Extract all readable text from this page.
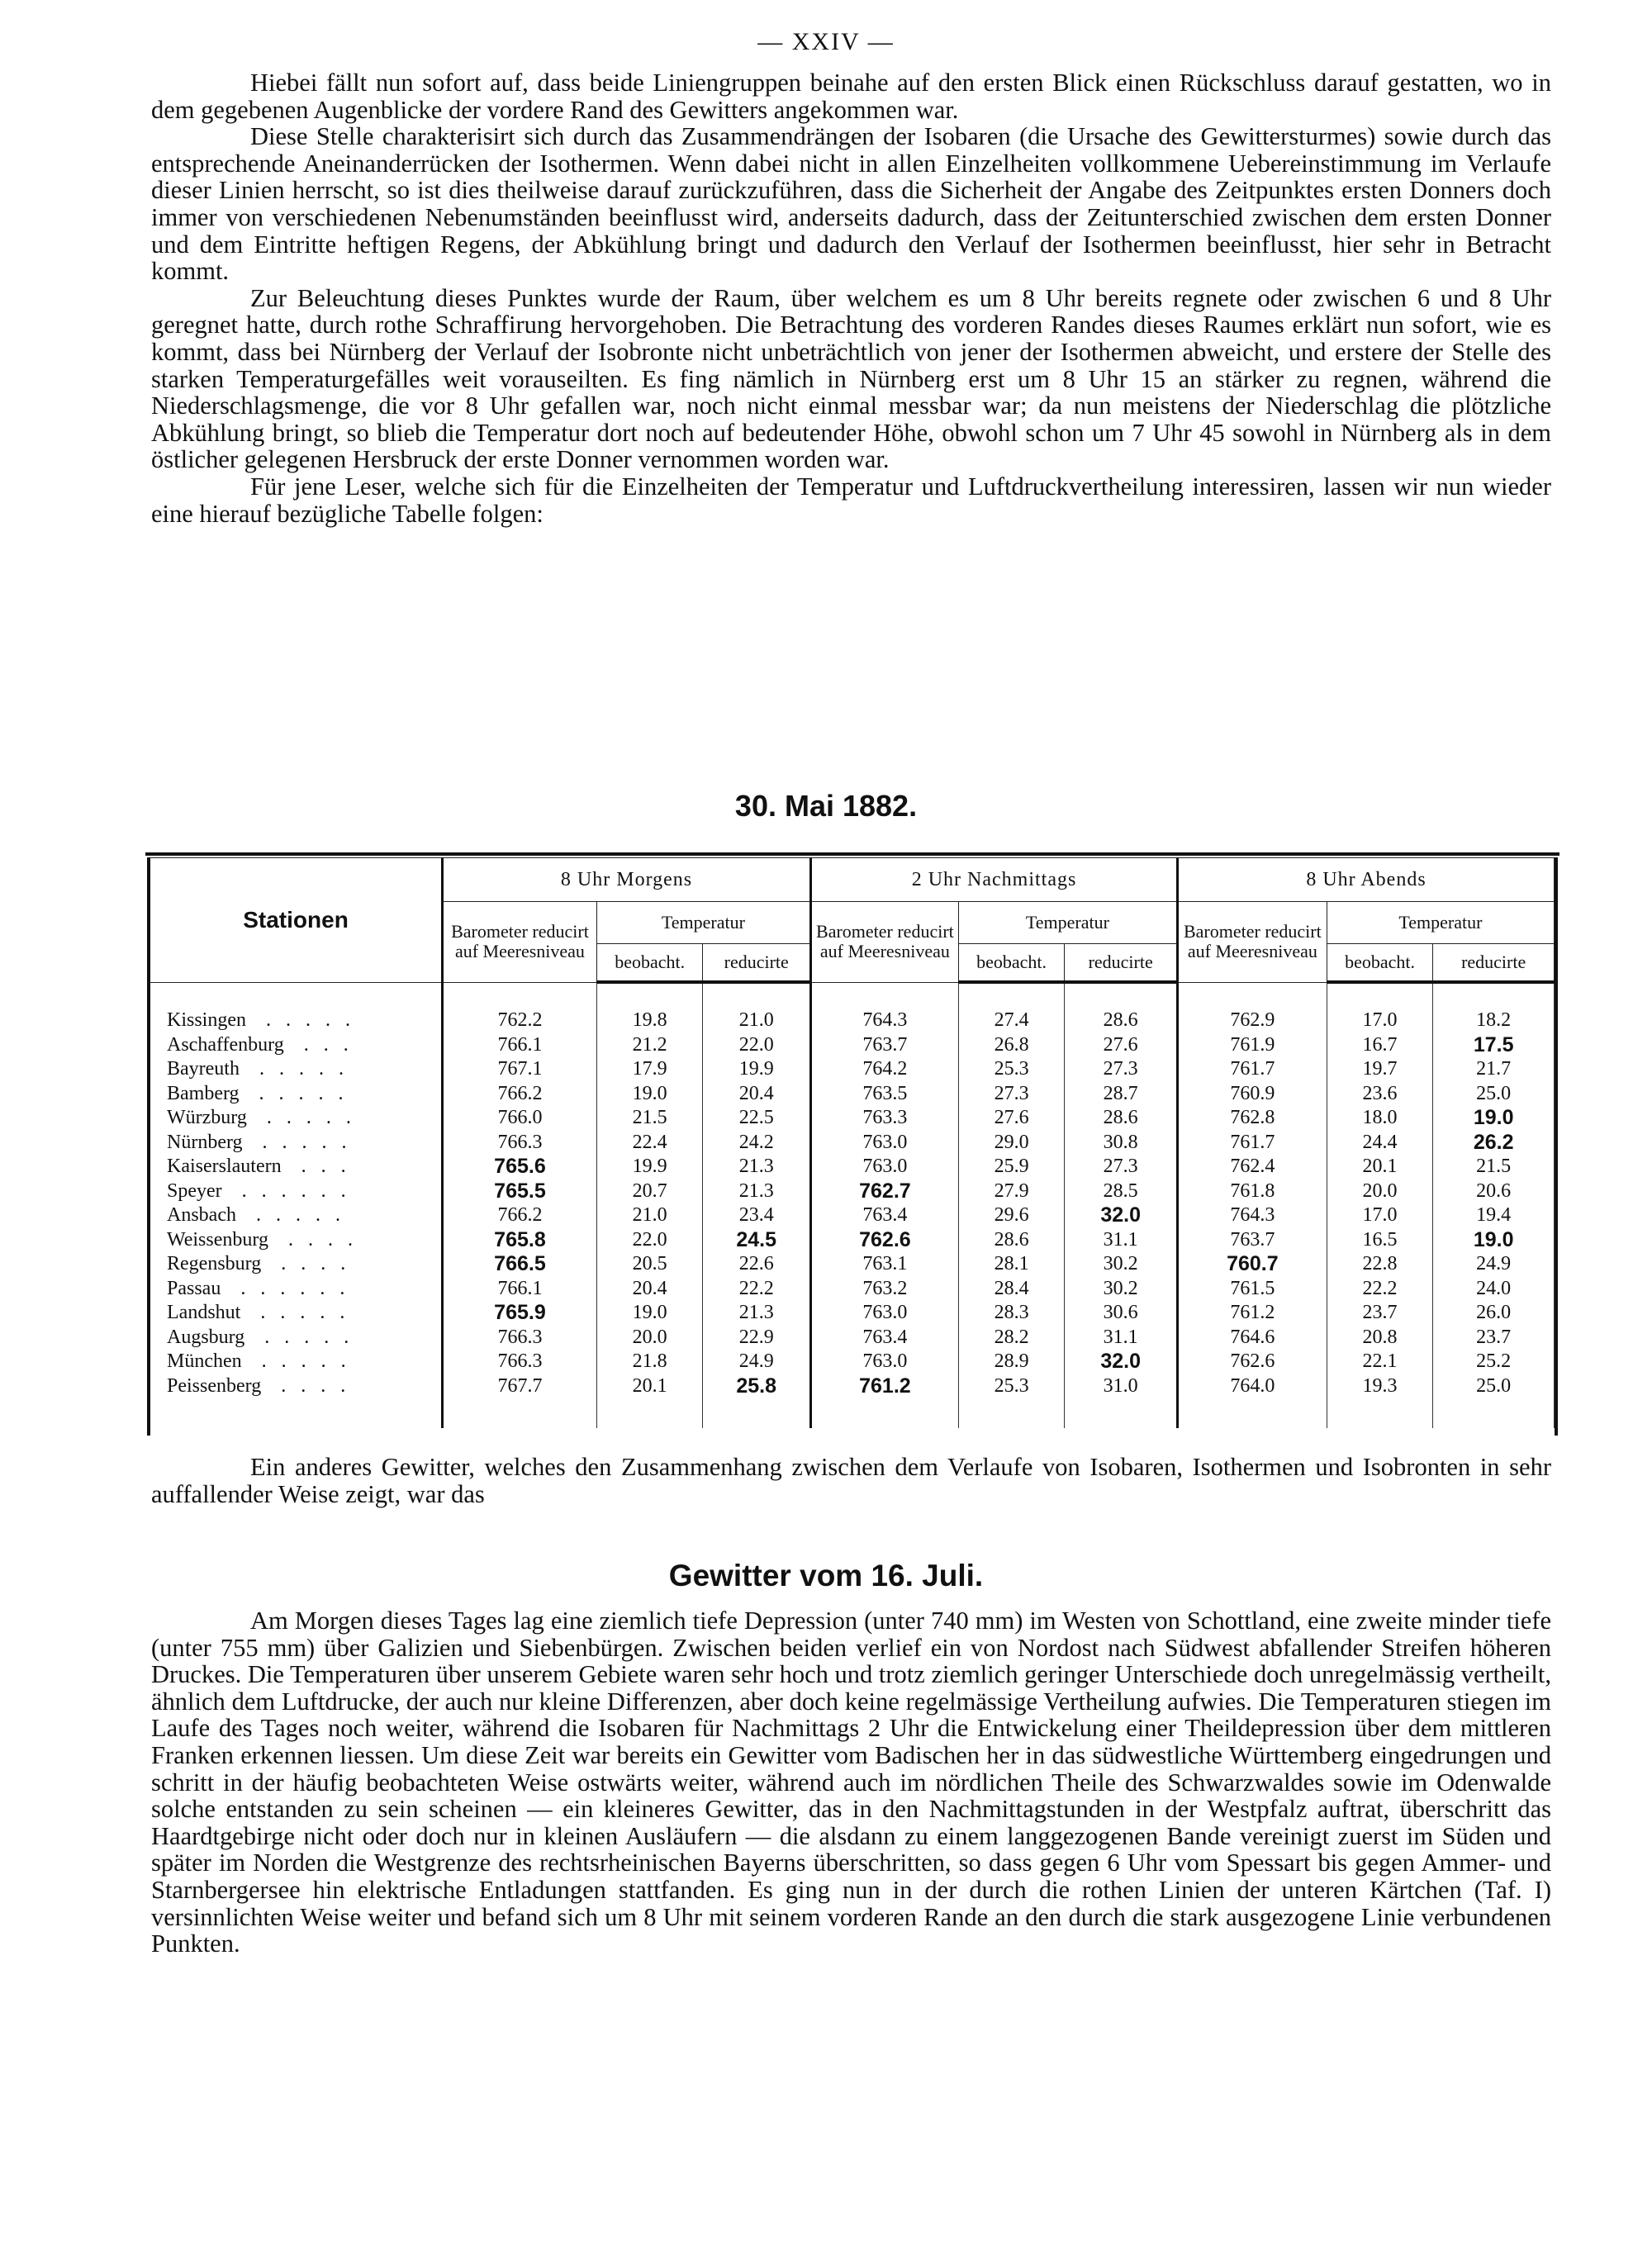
— XXIV —

Hiebei fällt nun sofort auf, dass beide Liniengruppen beinahe auf den ersten Blick einen Rückschluss darauf gestatten, wo in dem gegebenen Augenblicke der vordere Rand des Gewitters angekommen war.

Diese Stelle charakterisirt sich durch das Zusammendrängen der Isobaren (die Ursache des Gewittersturmes) sowie durch das entsprechende Aneinanderrücken der Isothermen. Wenn dabei nicht in allen Einzelheiten vollkommene Uebereinstimmung im Verlaufe dieser Linien herrscht, so ist dies theilweise darauf zurückzuführen, dass die Sicherheit der Angabe des Zeitpunktes ersten Donners doch immer von verschiedenen Nebenumständen beeinflusst wird, anderseits dadurch, dass der Zeitunterschied zwischen dem ersten Donner und dem Eintritte heftigen Regens, der Abkühlung bringt und dadurch den Verlauf der Isothermen beeinflusst, hier sehr in Betracht kommt.

Zur Beleuchtung dieses Punktes wurde der Raum, über welchem es um 8 Uhr bereits regnete oder zwischen 6 und 8 Uhr geregnet hatte, durch rothe Schraffirung hervorgehoben. Die Betrachtung des vorderen Randes dieses Raumes erklärt nun sofort, wie es kommt, dass bei Nürnberg der Verlauf der Isobronte nicht unbeträchtlich von jener der Isothermen abweicht, und erstere der Stelle des starken Temperaturgefälles weit vorauseilten. Es fing nämlich in Nürnberg erst um 8 Uhr 15 an stärker zu regnen, während die Niederschlagsmenge, die vor 8 Uhr gefallen war, noch nicht einmal messbar war; da nun meistens der Niederschlag die plötzliche Abkühlung bringt, so blieb die Temperatur dort noch auf bedeutender Höhe, obwohl schon um 7 Uhr 45 sowohl in Nürnberg als in dem östlicher gelegenen Hersbruck der erste Donner vernommen worden war.

Für jene Leser, welche sich für die Einzelheiten der Temperatur und Luftdruckvertheilung interessiren, lassen wir nun wieder eine hierauf bezügliche Tabelle folgen:

30. Mai 1882.
Stationen	8 Uhr Morgens			2 Uhr Nachmittags			8 Uhr Abends		
	Barometer reducirt auf Meeresniveau	Temperatur		Barometer reducirt auf Meeresniveau	Temperatur		Barometer reducirt auf Meeresniveau	Temperatur	
		beobacht.	reducirte		beobacht.	reducirte		beobacht.	reducirte

Kissingen .....	762.2	19.8	21.0	764.3	27.4	28.6	762.9	17.0	18.2
Aschaffenburg ...	766.1	21.2	22.0	763.7	26.8	27.6	761.9	16.7	17.5
Bayreuth .....	767.1	17.9	19.9	764.2	25.3	27.3	761.7	19.7	21.7
Bamberg .....	766.2	19.0	20.4	763.5	27.3	28.7	760.9	23.6	25.0
Würzburg .....	766.0	21.5	22.5	763.3	27.6	28.6	762.8	18.0	19.0
Nürnberg .....	766.3	22.4	24.2	763.0	29.0	30.8	761.7	24.4	26.2
Kaiserslautern ...	765.6	19.9	21.3	763.0	25.9	27.3	762.4	20.1	21.5
Speyer ......	765.5	20.7	21.3	762.7	27.9	28.5	761.8	20.0	20.6
Ansbach .....	766.2	21.0	23.4	763.4	29.6	32.0	764.3	17.0	19.4
Weissenburg ....	765.8	22.0	24.5	762.6	28.6	31.1	763.7	16.5	19.0
Regensburg ....	766.5	20.5	22.6	763.1	28.1	30.2	760.7	22.8	24.9
Passau ......	766.1	20.4	22.2	763.2	28.4	30.2	761.5	22.2	24.0
Landshut .....	765.9	19.0	21.3	763.0	28.3	30.6	761.2	23.7	26.0
Augsburg .....	766.3	20.0	22.9	763.4	28.2	31.1	764.6	20.8	23.7
München .....	766.3	21.8	24.9	763.0	28.9	32.0	762.6	22.1	25.2
Peissenberg ....	767.7	20.1	25.8	761.2	25.3	31.0	764.0	19.3	25.0

Ein anderes Gewitter, welches den Zusammenhang zwischen dem Verlaufe von Isobaren, Isothermen und Isobronten in sehr auffallender Weise zeigt, war das

Gewitter vom 16. Juli.

Am Morgen dieses Tages lag eine ziemlich tiefe Depression (unter 740 mm) im Westen von Schottland, eine zweite minder tiefe (unter 755 mm) über Galizien und Siebenbürgen. Zwischen beiden verlief ein von Nordost nach Südwest abfallender Streifen höheren Druckes. Die Temperaturen über unserem Gebiete waren sehr hoch und trotz ziemlich geringer Unterschiede doch unregelmässig vertheilt, ähnlich dem Luftdrucke, der auch nur kleine Differenzen, aber doch keine regelmässige Vertheilung aufwies. Die Temperaturen stiegen im Laufe des Tages noch weiter, während die Isobaren für Nachmittags 2 Uhr die Entwickelung einer Theildepression über dem mittleren Franken erkennen liessen. Um diese Zeit war bereits ein Gewitter vom Badischen her in das südwestliche Württemberg eingedrungen und schritt in der häufig beobachteten Weise ostwärts weiter, während auch im nördlichen Theile des Schwarzwaldes sowie im Odenwalde solche entstanden zu sein scheinen — ein kleineres Gewitter, das in den Nachmittagstunden in der Westpfalz auftrat, überschritt das Haardtgebirge nicht oder doch nur in kleinen Ausläufern — die alsdann zu einem langgezogenen Bande vereinigt zuerst im Süden und später im Norden die Westgrenze des rechtsrheinischen Bayerns überschritten, so dass gegen 6 Uhr vom Spessart bis gegen Ammer- und Starnbergersee hin elektrische Entladungen stattfanden. Es ging nun in der durch die rothen Linien der unteren Kärtchen (Taf. I) versinnlichten Weise weiter und befand sich um 8 Uhr mit seinem vorderen Rande an den durch die stark ausgezogene Linie verbundenen Punkten.
